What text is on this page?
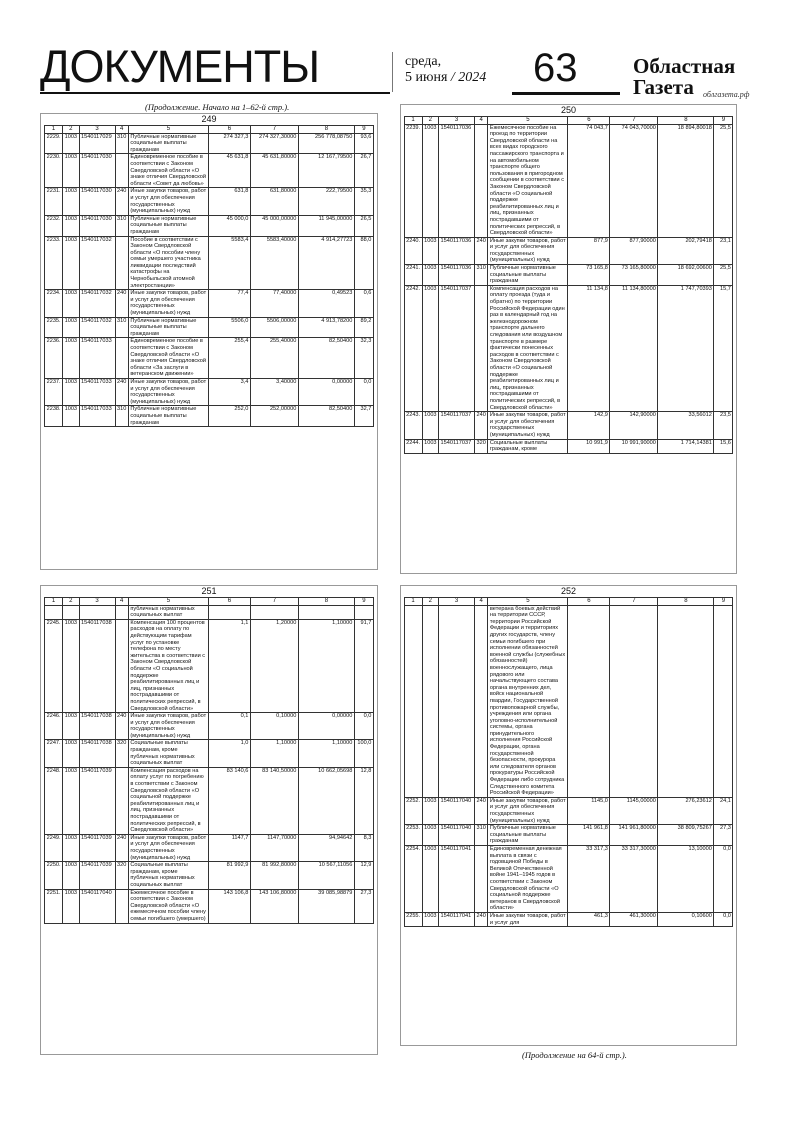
ДОКУМЕНТЫ	среда,
5 июня / 2024 63	Областная
Газета	облгазета.рф
(Продолжение. Начало на 1–62-й стр.).
249
1	2	3	4	5	6	7	8	9
2229.	1003	1540117029	310	Публичные нормативные социальные выплаты гражданам	274 327,3	274 327,30000	256 778,08750	93,6
2230.	1003	1540117030		Единовременное пособие в соответствии с Законом Свердловской области «О знаке отличия Свердловской области «Совет да любовь»	45 631,8	45 631,80000	12 167,79500	26,7
2231.	1003	1540117030	240	Иные закупки товаров, работ и услуг для обеспечения государственных (муниципальных) нужд	631,8	631,80000	222,79500	35,3
2232.	1003	1540117030	310	Публичные нормативные социальные выплаты гражданам	45 000,0	45 000,00000	11 945,00000	26,5
2233.	1003	1540117032		Пособие в соответствии с Законом Свердловской области «О пособии члену семьи умершего участника ликвидации последствий катастрофы на Чернобыльской атомной электростанции»	5583,4	5583,40000	4 914,27723	88,0
2234.	1003	1540117032	240	Иные закупки товаров, работ и услуг для обеспечения государственных (муниципальных) нужд	77,4	77,40000	0,49523	0,6
2235.	1003	1540117032	310	Публичные нормативные социальные выплаты гражданам	5506,0	5506,00000	4 913,78200	89,2
2236.	1003	1540117033		Единовременное пособие в соответствии с Законом Свердловской области «О знаке отличия Свердловской области «За заслуги в ветеранском движении»	255,4	255,40000	82,50400	32,3
2237.	1003	1540117033	240	Иные закупки товаров, работ и услуг для обеспечения государственных (муниципальных) нужд	3,4	3,40000	0,00000	0,0
2238.	1003	1540117033	310	Публичные нормативные социальные выплаты гражданам	252,0	252,00000	82,50400	32,7
250
1	2	3	4	5	6	7	8	9
2239.	1003	1540117036		Ежемесячное пособие на проезд по территории Свердловской области на всех видах городского пассажирского транспорта и на автомобильном транспорте общего пользования в пригородном сообщении в соответствии с Законом Свердловской области «О социальной поддержке реабилитированных лиц и лиц, признанных пострадавшими от политических репрессий, в Свердловской области»	74 043,7	74 043,70000	18 894,80018	25,5
2240.	1003	1540117036	240	Иные закупки товаров, работ и услуг для обеспечения государственных (муниципальных) нужд	877,9	877,90000	202,79418	23,1
2241.	1003	1540117036	310	Публичные нормативные социальные выплаты гражданам	73 165,8	73 165,80000	18 692,00600	25,5
2242.	1003	1540117037		Компенсация расходов на оплату проезда (туда и обратно) по территории Российской Федерации один раз в календарный год на железнодорожном транспорте дальнего следования или воздушном транспорте в размере фактически понесенных расходов в соответствии с Законом Свердловской области «О социальной поддержке реабилитированных лиц и лиц, признанных пострадавшими от политических репрессий, в Свердловской области»	11 134,8	11 134,80000	1 747,70393	15,7
2243.	1003	1540117037	240	Иные закупки товаров, работ и услуг для обеспечения государственных (муниципальных) нужд	142,9	142,90000	33,56012	23,5
2244.	1003	1540117037	320	Социальные выплаты гражданам, кроме	10 991,9	10 991,90000	1 714,14381	15,6
251
1	2	3	4	5	6	7	8	9
				публичных нормативных социальных выплат				
2245.	1003	1540117038		Компенсация 100 процентов расходов на оплату по действующим тарифам услуг по установке телефона по месту жительства в соответствии с Законом Свердловской области «О социальной поддержке реабилитированных лиц и лиц, признанных пострадавшими от политических репрессий, в Свердловской области»	1,1	1,20000	1,10000	91,7
2246.	1003	1540117038	240	Иные закупки товаров, работ и услуг для обеспечения государственных (муниципальных) нужд	0,1	0,10000	0,00000	0,0
2247.	1003	1540117038	320	Социальные выплаты гражданам, кроме публичных нормативных социальных выплат	1,0	1,10000	1,10000	100,0
2248.	1003	1540117039		Компенсация расходов на оплату услуг по погребению в соответствии с Законом Свердловской области «О социальной поддержке реабилитированных лиц и лиц, признанных пострадавшими от политических репрессий, в Свердловской области»	83 140,6	83 140,50000	10 662,05698	12,8
2249.	1003	1540117039	240	Иные закупки товаров, работ и услуг для обеспечения государственных (муниципальных) нужд	1147,7	1147,70000	94,94642	8,3
2250.	1003	1540117039	320	Социальные выплаты гражданам, кроме публичных нормативных социальных выплат	81 992,9	81 992,80000	10 567,11056	12,9
2251.	1003	1540117040		Ежемесячное пособие в соответствии с Законом Свердловской области «О ежемесячном пособии члену семьи погибшего (умершего)	143 106,8	143 106,80000	39 085,98879	27,3
252
1	2	3	4	5	6	7	8	9
				ветерана боевых действий на территории СССР, территории Российской Федерации и территориях других государств, члену семьи погибшего при исполнении обязанностей военной службы (служебных обязанностей) военнослужащего, лица рядового или начальствующего состава органа внутренних дел, войск национальной гвардии, Государственной противопожарной службы, учреждения или органа уголовно-исполнительной системы, органа принудительного исполнения Российской Федерации, органа государственной безопасности, прокурора или следователя органов прокуратуры Российской Федерации либо сотрудника Следственного комитета Российской Федерации»				
2252.	1003	1540117040	240	Иные закупки товаров, работ и услуг для обеспечения государственных (муниципальных) нужд	1145,0	1145,00000	276,23612	24,1
2253.	1003	1540117040	310	Публичные нормативные социальные выплаты гражданам	141 961,8	141 961,80000	38 809,75267	27,3
2254.	1003	1540117041		Единовременная денежная выплата в связи с годовщиной Победы в Великой Отечественной войне 1941–1945 годов в соответствии с Законом Свердловской области «О социальной поддержке ветеранов в Свердловской области»	33 317,3	33 317,30000	13,10000	0,0
2255.	1003	1540117041	240	Иные закупки товаров, работ и услуг для	461,3	461,30000	0,10600	0,0
(Продолжение на 64-й стр.).
